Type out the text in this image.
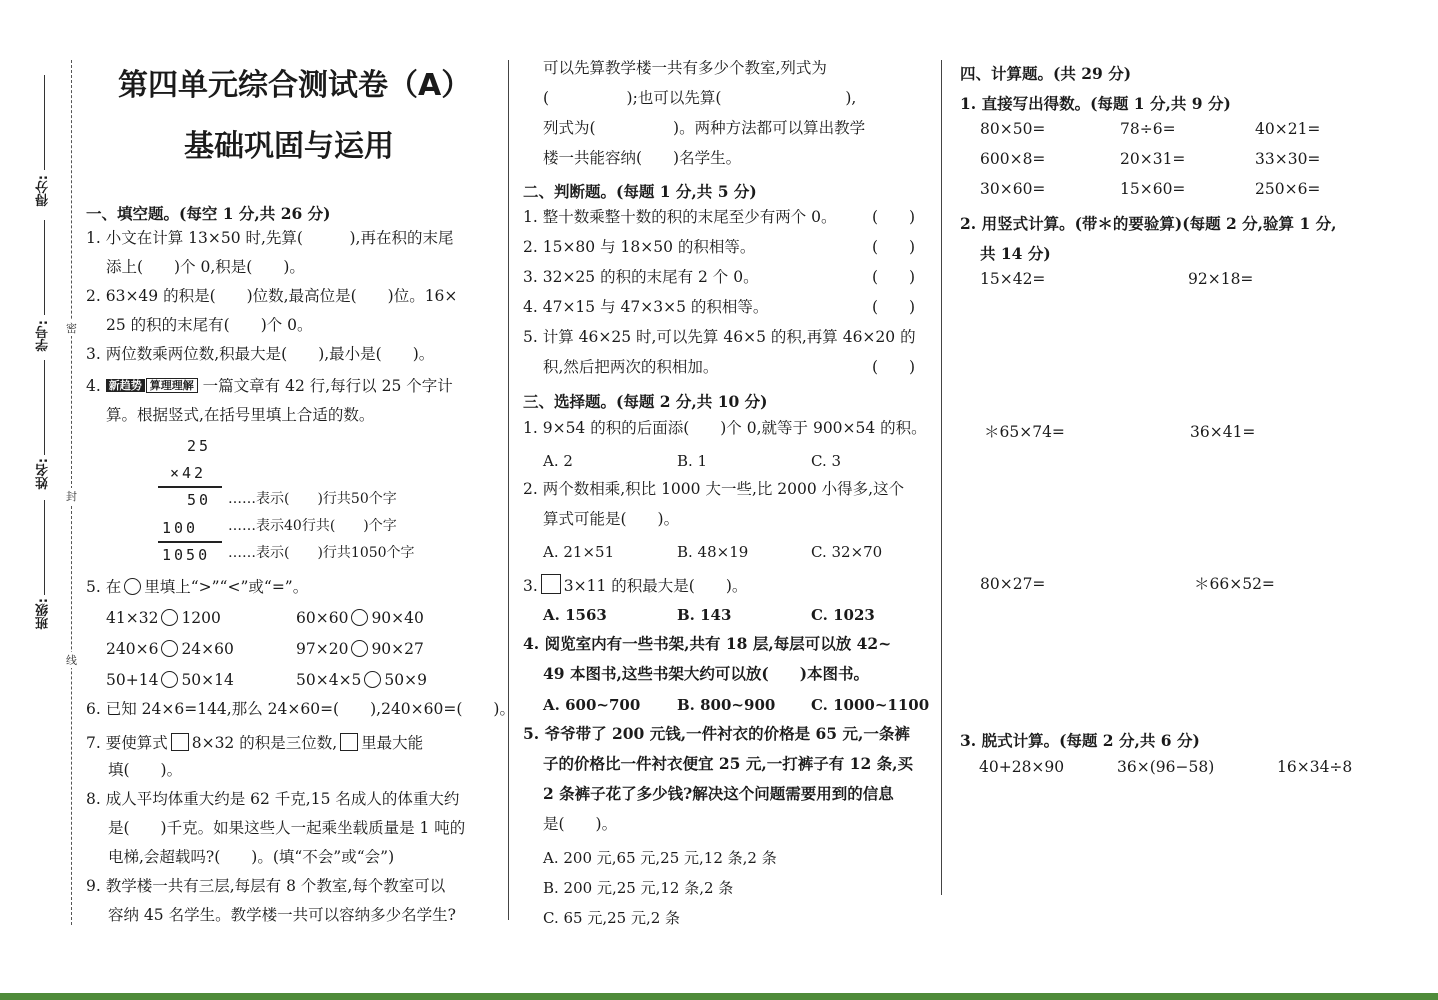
得分:
学号:
姓名:
班级:
密
封
线
第四单元综合测试卷（A）
基础巩固与运用
一、填空题。(每空 1 分,共 26 分)
1. 小文在计算 13×50 时,先算(　　　),再在积的末尾
添上(　　)个 0,积是(　　)。
2. 63×49 的积是(　　)位数,最高位是(　　)位。16×
25 的积的末尾有(　　)个 0。
3. 两位数乘两位数,积最大是(　　),最小是(　　)。
4. 新趋势 算理理解 一篇文章有 42 行,每行以 25 个字计
算。根据竖式,在括号里填上合适的数。
25
×42
50
100
1050
……表示(　　)行共50个字
……表示40行共(　　)个字
……表示(　　)行共1050个字
5. 在 里填上“>”“<”或“=”。
41×32 1200	60×60 90×40
240×6 24×60	97×20 90×27
50+14 50×14	50×4×5 50×9
6. 已知 24×6=144,那么 24×60=(　　),240×60=(　　)。
7. 要使算式 8×32 的积是三位数, 里最大能
填(　　)。
8. 成人平均体重大约是 62 千克,15 名成人的体重大约
是(　　)千克。如果这些人一起乘坐载质量是 1 吨的
电梯,会超载吗?(　　)。(填“不会”或“会”)
9. 教学楼一共有三层,每层有 8 个教室,每个教室可以
容纳 45 名学生。教学楼一共可以容纳多少名学生?
可以先算教学楼一共有多少个教室,列式为
(　　　　　);也可以先算(　　　　　　　　),
列式为(　　　　　)。两种方法都可以算出教学
楼一共能容纳(　　)名学生。
二、判断题。(每题 1 分,共 5 分)
1. 整十数乘整十数的积的末尾至少有两个 0。 (　　)
2. 15×80 与 18×50 的积相等。	(　　)
3. 32×25 的积的末尾有 2 个 0。	(　　)
4. 47×15 与 47×3×5 的积相等。	(　　)
5. 计算 46×25 时,可以先算 46×5 的积,再算 46×20 的
积,然后把两次的积相加。	(　　)
三、选择题。(每题 2 分,共 10 分)
1. 9×54 的积的后面添(　　)个 0,就等于 900×54 的积。
A. 2	B. 1	C. 3
2. 两个数相乘,积比 1000 大一些,比 2000 小得多,这个
算式可能是(　　)。
A. 21×51	B. 48×19	C. 32×70
3. 3×11 的积最大是(　　)。
A. 1563	B. 143	C. 1023
4. 阅览室内有一些书架,共有 18 层,每层可以放 42~
49 本图书,这些书架大约可以放(　　)本图书。
A. 600~700 B. 800~900 C. 1000~1100
5. 爷爷带了 200 元钱,一件衬衣的价格是 65 元,一条裤
子的价格比一件衬衣便宜 25 元,一打裤子有 12 条,买
2 条裤子花了多少钱?解决这个问题需要用到的信息
是(　　)。
A. 200 元,65 元,25 元,12 条,2 条
B. 200 元,25 元,12 条,2 条
C. 65 元,25 元,2 条
四、计算题。(共 29 分)
1. 直接写出得数。(每题 1 分,共 9 分)
80×50=	78÷6=	40×21=
600×8=	20×31=	33×30=
30×60=	15×60=	250×6=
2. 用竖式计算。(带＊的要验算)(每题 2 分,验算 1 分,
共 14 分)
15×42=	92×18=
＊65×74=	36×41=
80×27=	＊66×52=
3. 脱式计算。(每题 2 分,共 6 分)
40+28×90	36×(96−58)	16×34÷8
